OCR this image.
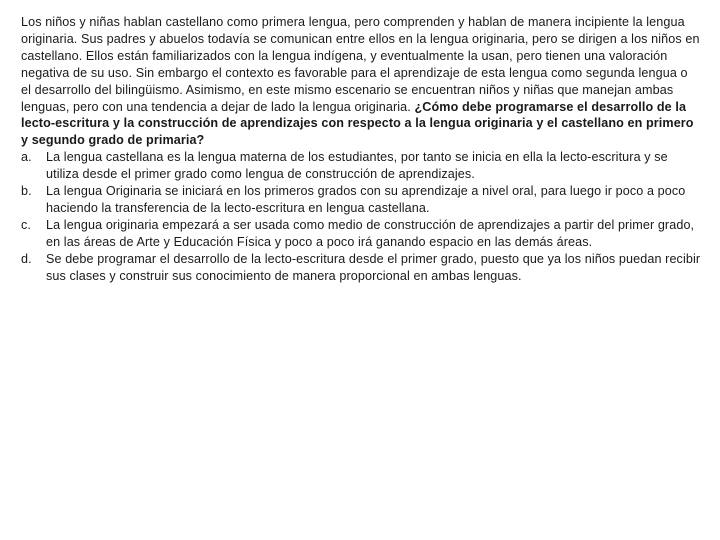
Los niños y niñas hablan castellano como primera lengua, pero comprenden y hablan de manera incipiente la lengua originaria. Sus padres y abuelos todavía se comunican entre ellos en la lengua originaria, pero se dirigen a los niños en castellano. Ellos están familiarizados con la lengua indígena, y eventualmente la usan, pero tienen una valoración negativa de su uso. Sin embargo el contexto es favorable para el aprendizaje de esta lengua como segunda lengua o el desarrollo del bilingüismo. Asimismo, en este mismo escenario se encuentran niños y niñas que manejan ambas lenguas, pero con una tendencia a dejar de lado la lengua originaria. ¿Cómo debe programarse el desarrollo de la lecto-escritura y la construcción de aprendizajes con respecto a la lengua originaria y el castellano en primero y segundo grado de primaria?
a.	La lengua castellana es la lengua materna de los estudiantes, por tanto se inicia en ella la lecto-escritura y se utiliza desde el primer grado como lengua de construcción de aprendizajes.
b.	La lengua Originaria se iniciará en los primeros grados con su aprendizaje a nivel oral, para luego ir poco a poco haciendo la transferencia de la lecto-escritura en lengua castellana.
c.	La lengua originaria empezará a ser usada como medio de construcción de aprendizajes a partir del primer grado, en las áreas de Arte y Educación Física y poco a poco irá ganando espacio en las demás áreas.
d.	Se debe programar el desarrollo de la lecto-escritura desde el primer grado, puesto que ya los niños puedan recibir sus clases y construir sus conocimiento de manera proporcional en ambas lenguas.
